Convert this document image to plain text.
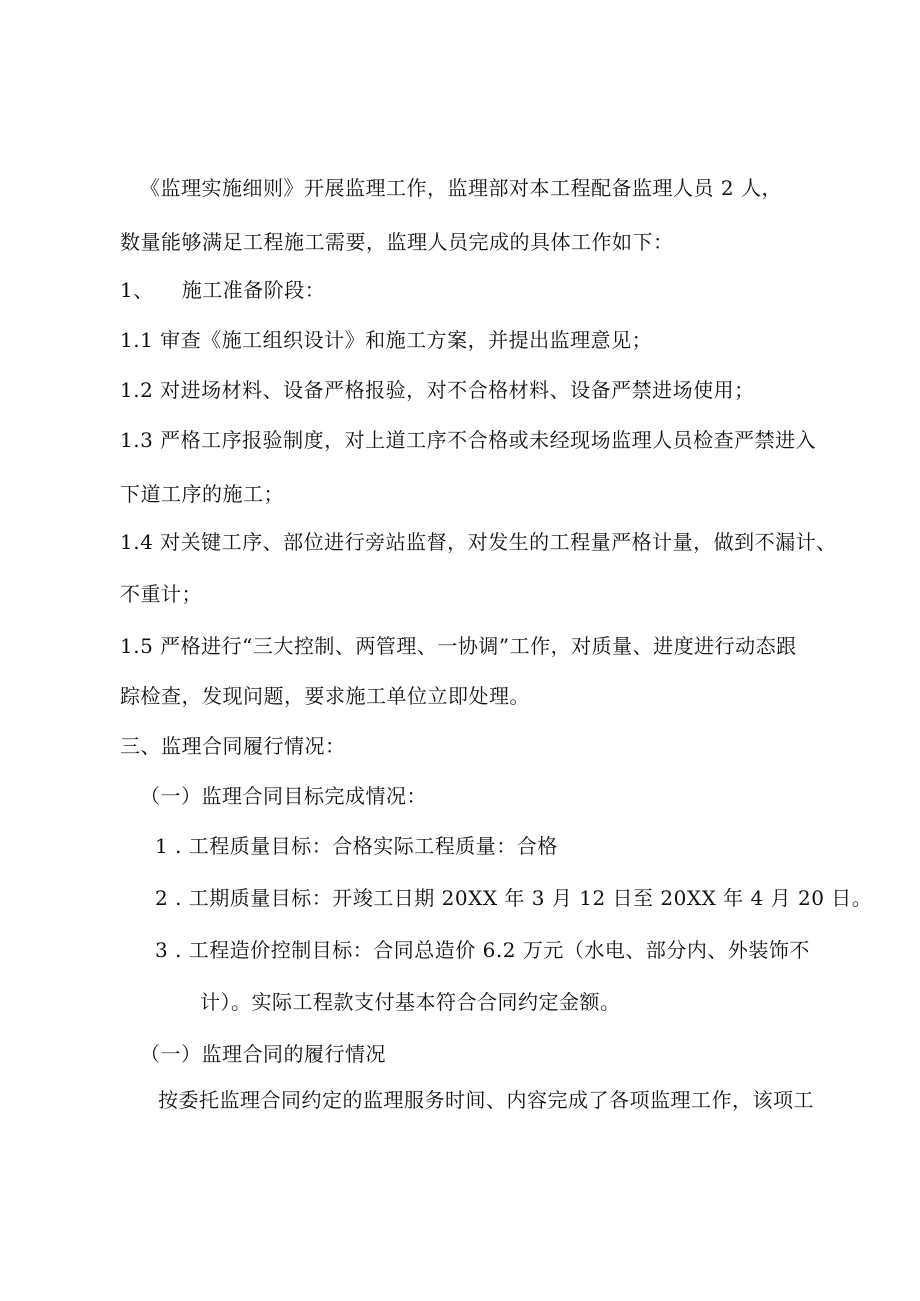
《监理实施细则》开展监理工作，监理部对本工程配备监理人员 2 人，
数量能够满足工程施工需要，监理人员完成的具体工作如下：
1、 施工准备阶段：
1.1 审查《施工组织设计》和施工方案，并提出监理意见；
1.2 对进场材料、设备严格报验，对不合格材料、设备严禁进场使用；
1.3 严格工序报验制度，对上道工序不合格或未经现场监理人员检查严禁进入
下道工序的施工；
1.4 对关键工序、部位进行旁站监督，对发生的工程量严格计量，做到不漏计、
不重计；
1.5 严格进行“三大控制、两管理、一协调”工作，对质量、进度进行动态跟
踪检查，发现问题，要求施工单位立即处理。
三、监理合同履行情况：
（一）监理合同目标完成情况：
1 . 工程质量目标：合格实际工程质量：合格
2 . 工期质量目标：开竣工日期 20XX 年 3 月 12 日至 20XX 年 4 月 20 日。
3 . 工程造价控制目标：合同总造价 6.2 万元（水电、部分内、外装饰不
计）。实际工程款支付基本符合合同约定金额。
（一）监理合同的履行情况
按委托监理合同约定的监理服务时间、内容完成了各项监理工作，该项工
